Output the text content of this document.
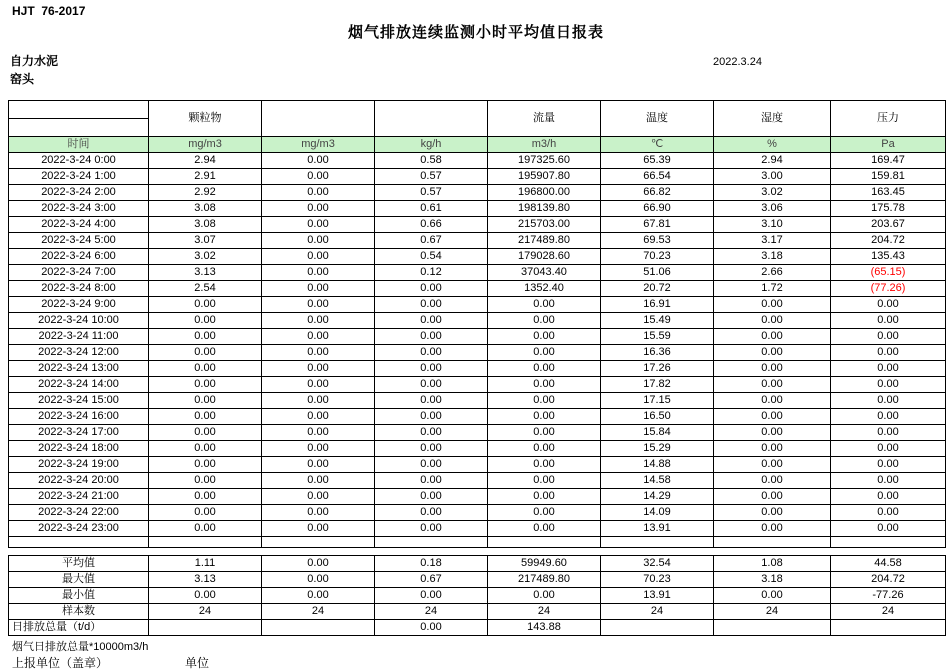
HJT  76-2017
烟气排放连续监测小时平均值日报表
自力水泥
窑头
2022.3.24
	颗粒物			流量	温度	湿度	压力

时间	mg/m3	mg/m3	kg/h	m3/h	℃	%	Pa
2022-3-24 0:00	2.94	0.00	0.58	197325.60	65.39	2.94	169.47
2022-3-24 1:00	2.91	0.00	0.57	195907.80	66.54	3.00	159.81
2022-3-24 2:00	2.92	0.00	0.57	196800.00	66.82	3.02	163.45
2022-3-24 3:00	3.08	0.00	0.61	198139.80	66.90	3.06	175.78
2022-3-24 4:00	3.08	0.00	0.66	215703.00	67.81	3.10	203.67
2022-3-24 5:00	3.07	0.00	0.67	217489.80	69.53	3.17	204.72
2022-3-24 6:00	3.02	0.00	0.54	179028.60	70.23	3.18	135.43
2022-3-24 7:00	3.13	0.00	0.12	37043.40	51.06	2.66	(65.15)
2022-3-24 8:00	2.54	0.00	0.00	1352.40	20.72	1.72	(77.26)
2022-3-24 9:00	0.00	0.00	0.00	0.00	16.91	0.00	0.00
2022-3-24 10:00	0.00	0.00	0.00	0.00	15.49	0.00	0.00
2022-3-24 11:00	0.00	0.00	0.00	0.00	15.59	0.00	0.00
2022-3-24 12:00	0.00	0.00	0.00	0.00	16.36	0.00	0.00
2022-3-24 13:00	0.00	0.00	0.00	0.00	17.26	0.00	0.00
2022-3-24 14:00	0.00	0.00	0.00	0.00	17.82	0.00	0.00
2022-3-24 15:00	0.00	0.00	0.00	0.00	17.15	0.00	0.00
2022-3-24 16:00	0.00	0.00	0.00	0.00	16.50	0.00	0.00
2022-3-24 17:00	0.00	0.00	0.00	0.00	15.84	0.00	0.00
2022-3-24 18:00	0.00	0.00	0.00	0.00	15.29	0.00	0.00
2022-3-24 19:00	0.00	0.00	0.00	0.00	14.88	0.00	0.00
2022-3-24 20:00	0.00	0.00	0.00	0.00	14.58	0.00	0.00
2022-3-24 21:00	0.00	0.00	0.00	0.00	14.29	0.00	0.00
2022-3-24 22:00	0.00	0.00	0.00	0.00	14.09	0.00	0.00
2022-3-24 23:00	0.00	0.00	0.00	0.00	13.91	0.00	0.00

平均值	1.11	0.00	0.18	59949.60	32.54	1.08	44.58
最大值	3.13	0.00	0.67	217489.80	70.23	3.18	204.72
最小值	0.00	0.00	0.00	0.00	13.91	0.00	-77.26
样本数	24	24	24	24	24	24	24
日排放总量（t/d）			0.00	143.88			
烟气日排放总量*10000m3/h
上报单位（盖章）	单位
